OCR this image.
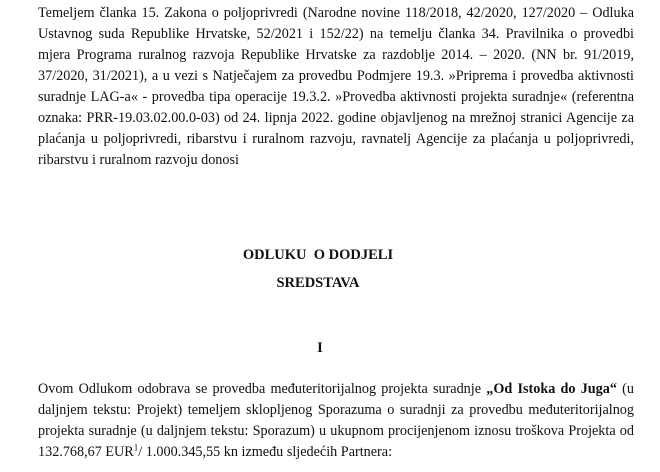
Temeljem članka 15. Zakona o poljoprivredi (Narodne novine 118/2018, 42/2020, 127/2020 – Odluka Ustavnog suda Republike Hrvatske, 52/2021 i 152/22) na temelju članka 34. Pravilnika o provedbi mjera Programa ruralnog razvoja Republike Hrvatske za razdoblje 2014. – 2020. (NN br. 91/2019, 37/2020, 31/2021), a u vezi s Natječajem za provedbu Podmjere 19.3. »Priprema i provedba aktivnosti suradnje LAG-a« - provedba tipa operacije 19.3.2. »Provedba aktivnosti projekta suradnje« (referentna oznaka: PRR-19.03.02.00.0-03) od 24. lipnja 2022. godine objavljenog na mrežnoj stranici Agencije za plaćanja u poljoprivredi, ribarstvu i ruralnom razvoju, ravnatelj Agencije za plaćanja u poljoprivredi, ribarstvu i ruralnom razvoju donosi

ODLUKU  O DODJELI

SREDSTAVA

I

Ovom Odlukom odobrava se provedba međuteritorijalnog projekta suradnje „Od Istoka do Juga“ (u daljnjem tekstu: Projekt) temeljem sklopljenog Sporazuma o suradnji za provedbu međuteritorijalnog projekta suradnje (u daljnjem tekstu: Sporazum) u ukupnom procijenjenom iznosu troškova Projekta od 132.768,67 EUR$^1$/ 1.000.345,55 kn između sljedećih Partnera:
